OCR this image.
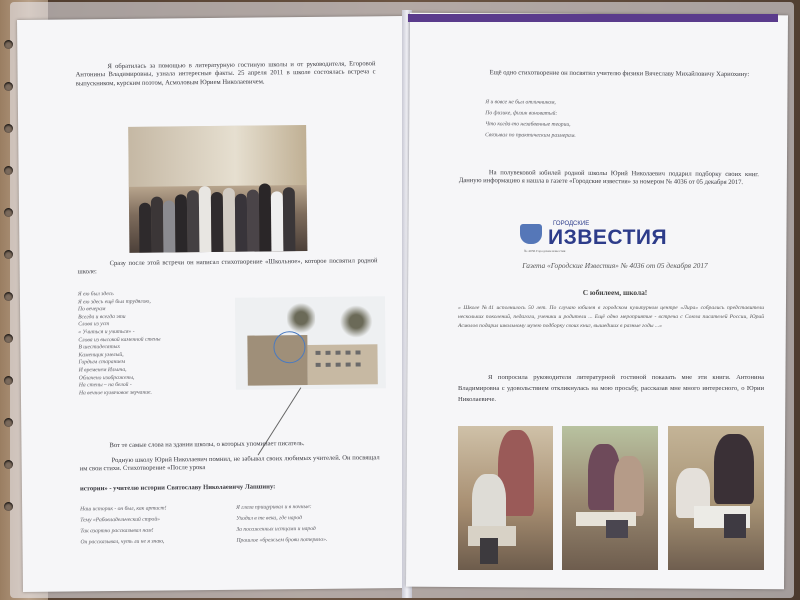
Я обратилась за помощью в литературную гостиную школы и от руководителя, Егоровой Антонины Владимировны, узнала интересные факты. 25 апреля 2011 в школе состоялась встреча с выпускником, курским поэтом, Асмоловым Юрием Николаевичем.

Сразу после этой встречи он написал стихотворение «Школьное», которое посвятил родной школе:

Я ею был здесь
Я ею здесь ещё был трудягою,
По вечерам
Всегда и всегда эти
Слова из уст
« Учиться и учиться» -
Слова из высокой каменной стены
В шестидесятых
Каменщик умелый,
Гордым старанием
И временем Ильича,
Облачено изображены,
На стены – на белой -
На вечное кумачовое звучание.

Вот те самые слова на здании школы, о которых упоминает писатель.

Родную школу Юрий Николаевич помнил, не забывал своих любимых учителей. Он посвящал им свои стихи. Стихотворение «После урока

истории» - учителю истории Святославу Николаевичу Лапшину:

Наш историк - он был, как артист!
Тему «Рабовладельческий строй»
Так азартно рассказывал нам!
Он рассказывал, чуть ли не я знаю,
Я глаза прищуривал и в ночные:
Уходил в те века, где народ
За посаженных истцами и народ
Прошлое «брежьем брови потеряло».

Ещё одно стихотворение он посвятил учителю физики Вячеславу Михайловичу Хариохину:

Я и вовсе не был отличником,
По физике, физик виноватый:
Что когда-то незабвенные теории,
Связывал по практическим размерам.

На полувековой юбилей родной школы Юрий Николаевич подарил подборку своих книг. Данную информацию я нашла в газете «Городские известия» за номером № 4036 от 05 декабря 2017.

ГОРОДСКИЕ
ИЗВЕСТИЯ
№ 4036 Городские известия

Газета «Городские Известия» № 4036 от 05 декабря 2017

С юбилеем, школа!

« Школе №41 исполнилось 50 лет. По случаю юбилея в городском культурном центре «Лира» собрались представители нескольких поколений, педагоги, ученики и родители ... Ещё одно мероприятие - встреча с Союза писателей России, Юрий Асмолов подарил школьному музею подборку своих книг, вышедших в разные годы ...»

Я попросила руководителя литературной гостиной показать мне эти книги. Антонина Владимировна с удовольствием откликнулась на мою просьбу, рассказав мне много интересного, о Юрии Николаевиче.
